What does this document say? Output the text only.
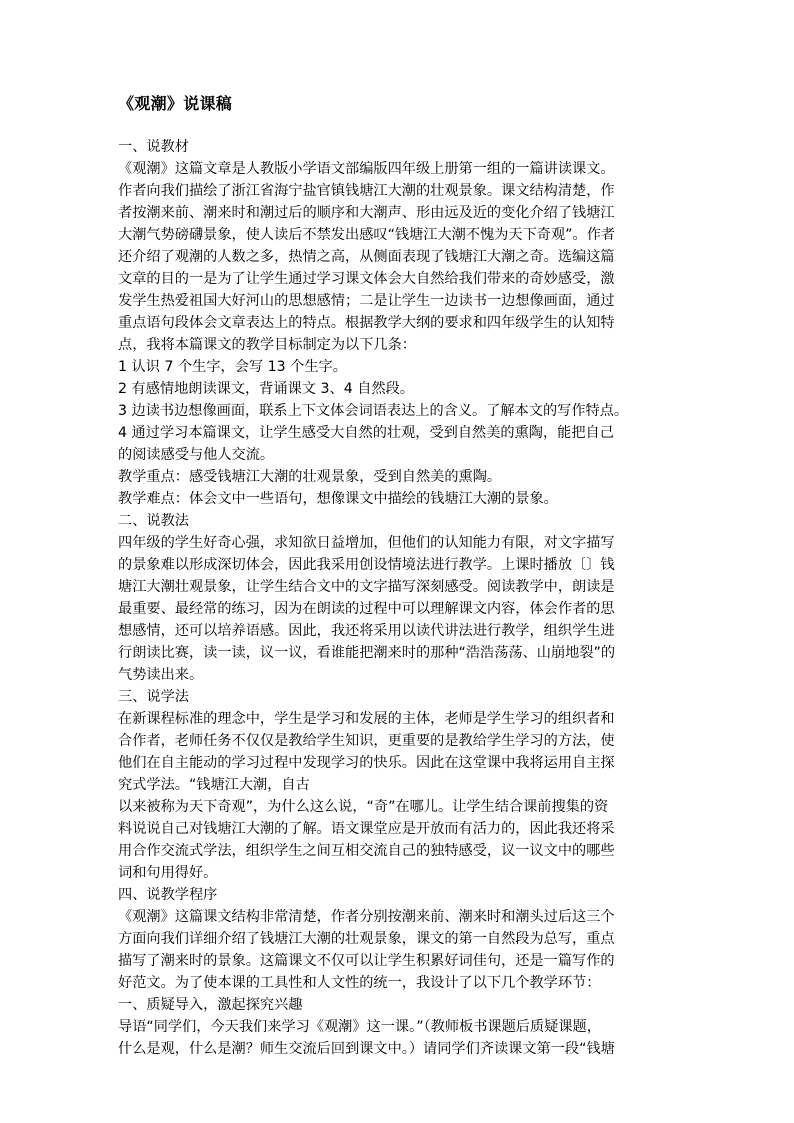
《观潮》说课稿
一、说教材
《观潮》这篇文章是人教版小学语文部编版四年级上册第一组的一篇讲读课文。
作者向我们描绘了浙江省海宁盐官镇钱塘江大潮的壮观景象。课文结构清楚，作
者按潮来前、潮来时和潮过后的顺序和大潮声、形由远及近的变化介绍了钱塘江
大潮气势磅礴景象，使人读后不禁发出感叹“钱塘江大潮不愧为天下奇观”。作者
还介绍了观潮的人数之多，热情之高，从侧面表现了钱塘江大潮之奇。选编这篇
文章的目的一是为了让学生通过学习课文体会大自然给我们带来的奇妙感受，激
发学生热爱祖国大好河山的思想感情；二是让学生一边读书一边想像画面，通过
重点语句段体会文章表达上的特点。根据教学大纲的要求和四年级学生的认知特
点，我将本篇课文的教学目标制定为以下几条：
1 认识 7 个生字，会写 13 个生字。
2 有感情地朗读课文，背诵课文 3、4 自然段。
3 边读书边想像画面，联系上下文体会词语表达上的含义。了解本文的写作特点。
4 通过学习本篇课文，让学生感受大自然的壮观，受到自然美的熏陶，能把自己
的阅读感受与他人交流。
教学重点：感受钱塘江大潮的壮观景象，受到自然美的熏陶。
教学难点：体会文中一些语句，想像课文中描绘的钱塘江大潮的景象。
二、说教法
四年级的学生好奇心强，求知欲日益增加，但他们的认知能力有限，对文字描写
的景象难以形成深切体会，因此我采用创设情境法进行教学。上课时播放〔〕钱
塘江大潮壮观景象，让学生结合文中的文字描写深刻感受。阅读教学中，朗读是
最重要、最经常的练习，因为在朗读的过程中可以理解课文内容，体会作者的思
想感情，还可以培养语感。因此，我还将采用以读代讲法进行教学，组织学生进
行朗读比赛，读一读，议一议，看谁能把潮来时的那种“浩浩荡荡、山崩地裂”的
气势读出来。
三、说学法
在新课程标准的理念中，学生是学习和发展的主体，老师是学生学习的组织者和
合作者，老师任务不仅仅是教给学生知识，更重要的是教给学生学习的方法，使
他们在自主能动的学习过程中发现学习的快乐。因此在这堂课中我将运用自主探
究式学法。“钱塘江大潮，自古
以来被称为天下奇观”，为什么这么说，“奇”在哪儿。让学生结合课前搜集的资
料说说自己对钱塘江大潮的了解。语文课堂应是开放而有活力的，因此我还将采
用合作交流式学法，组织学生之间互相交流自己的独特感受，议一议文中的哪些
词和句用得好。
四、说教学程序
《观潮》这篇课文结构非常清楚，作者分别按潮来前、潮来时和潮头过后这三个
方面向我们详细介绍了钱塘江大潮的壮观景象，课文的第一自然段为总写，重点
描写了潮来时的景象。这篇课文不仅可以让学生积累好词佳句，还是一篇写作的
好范文。为了使本课的工具性和人文性的统一，我设计了以下几个教学环节：
一、质疑导入，激起探究兴趣
导语“同学们，今天我们来学习《观潮》这一课。”（教师板书课题后质疑课题，
什么是观，什么是潮？师生交流后回到课文中。）请同学们齐读课文第一段“钱塘
